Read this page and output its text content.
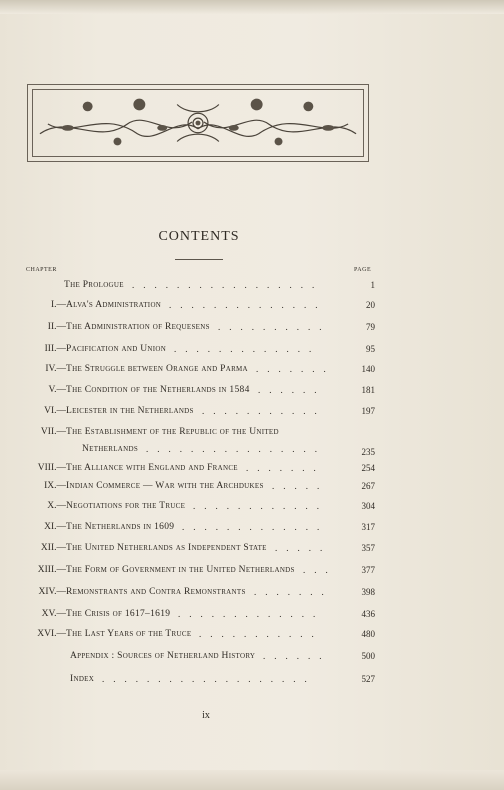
CONTENTS
CHAPTER	PAGE
The Prologue	1
.................
I.— Alva's Administration	20
..............
II.— The Administration of Requesens	79
..........
III.— Pacification and Union	95
.............
IV.— The Struggle between Orange and Parma	140
.......
V.— The Condition of the Netherlands in 1584	181
......
VI.— Leicester in the Netherlands	197
...........
VII.— The Establishment of the Republic of the United
Netherlands	235
................
VIII.— The Alliance with England and France	254
.......
IX.— Indian Commerce — War with the Archdukes	267
.....
X.— Negotiations for the Truce	304
............
XI.— The Netherlands in 1609	317
.............
XII.— The United Netherlands as Independent State	357
.....
XIII.— The Form of Government in the United Netherlands	377
...
XIV.— Remonstrants and Contra Remonstrants	398
.......
XV.— The Crisis of 1617–1619	436
.............
XVI.— The Last Years of the Truce	480
...........
Appendix : Sources of Netherland History	500
......
Index	527
...................
ix
